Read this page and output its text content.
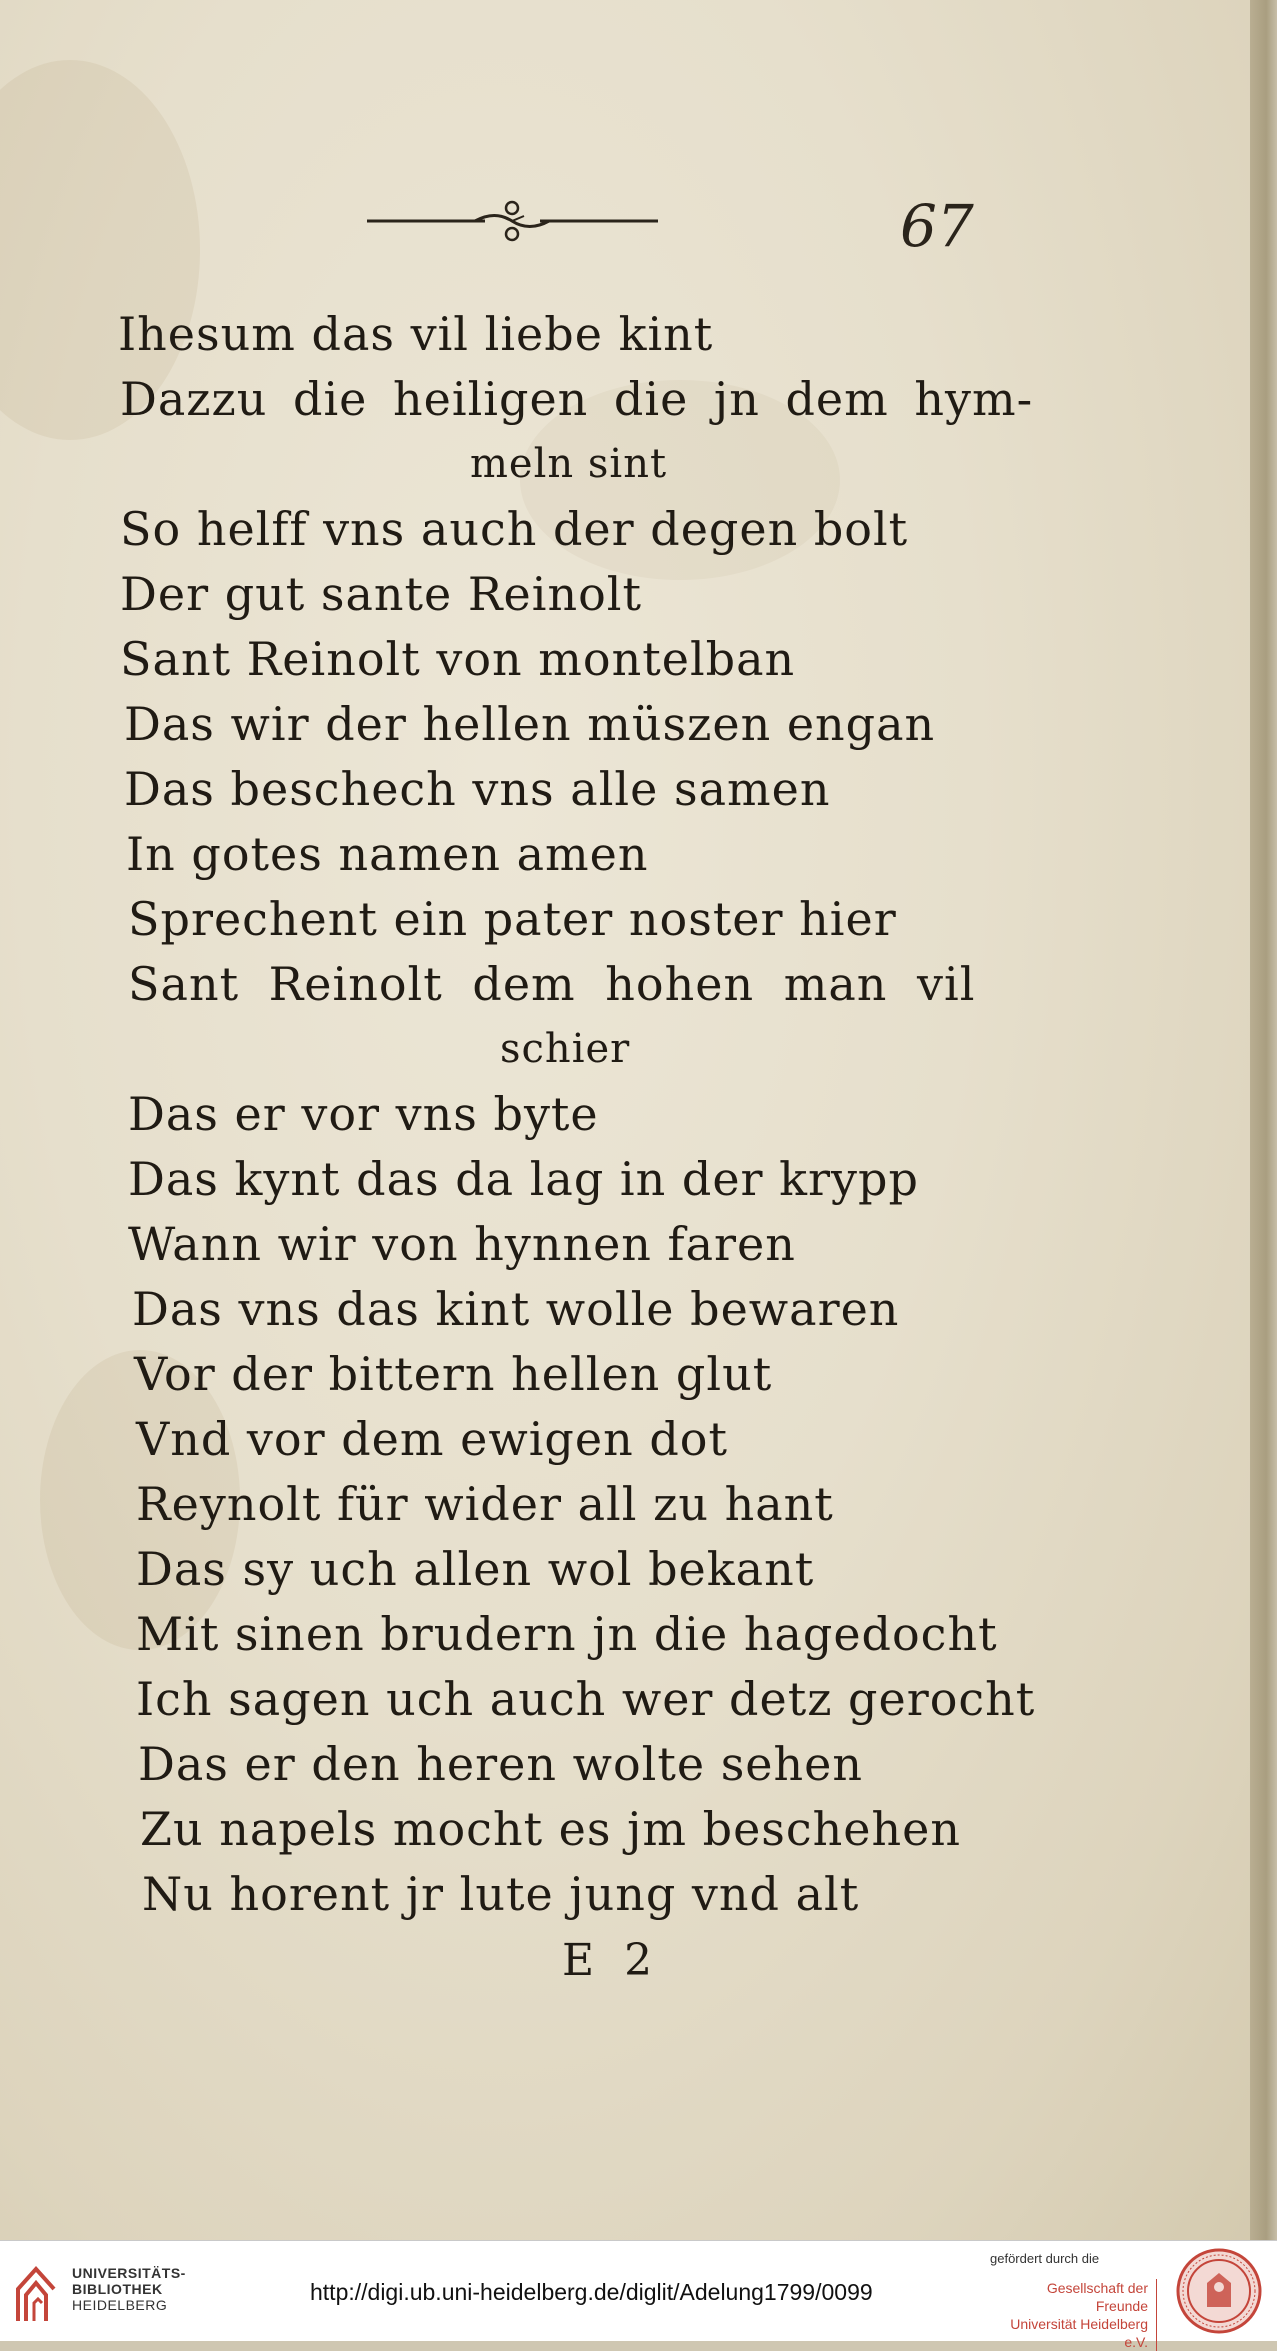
67
Ihesum das vil liebe kint
Dazzu die heiligen die jn dem hym-
meln sint
So helff vns auch der degen bolt
Der gut sante Reinolt
Sant Reinolt von montelban
Das wir der hellen müszen engan
Das beschech vns alle samen
In gotes namen amen
Sprechent ein pater noster hier
Sant Reinolt dem hohen man vil
schier
Das er vor vns byte
Das kynt das da lag in der krypp
Wann wir von hynnen faren
Das vns das kint wolle bewaren
Vor der bittern hellen glut
Vnd vor dem ewigen dot
Reynolt für wider all zu hant
Das sy uch allen wol bekant
Mit sinen brudern jn die hagedocht
Ich sagen uch auch wer detz gerocht
Das er den heren wolte sehen
Zu napels mocht es jm beschehen
Nu horent jr lute jung vnd alt
E 2
UNIVERSITÄTS-
BIBLIOTHEK
HEIDELBERG	http://digi.ub.uni-heidelberg.de/diglit/Adelung1799/0099
gefördert durch die
Gesellschaft der Freunde
Universität Heidelberg e.V.
